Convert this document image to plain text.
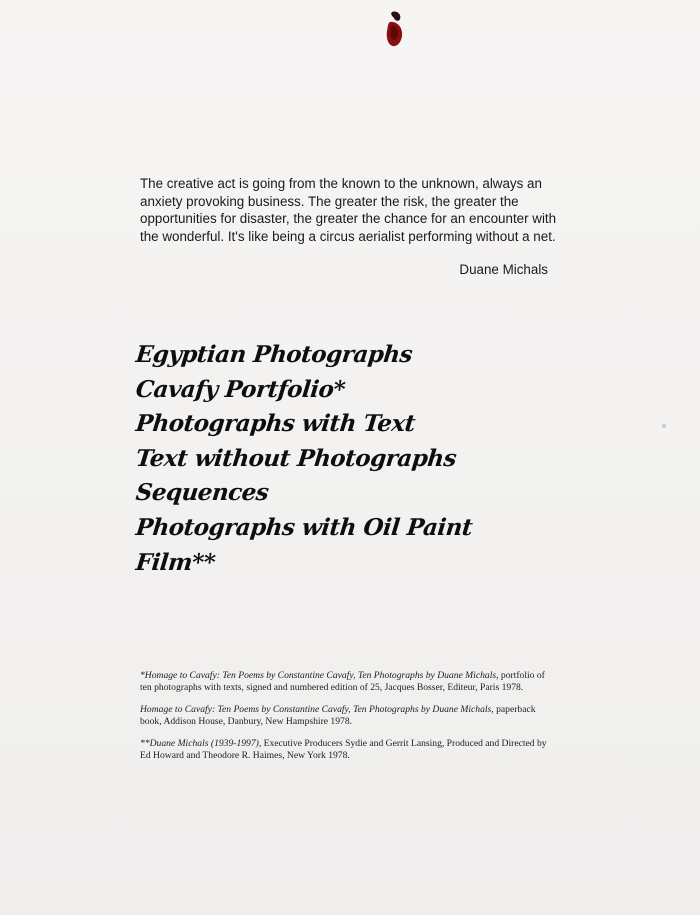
The creative act is going from the known to the unknown, always an anxiety provoking business. The greater the risk, the greater the opportunities for disaster, the greater the chance for an encounter with the wonderful. It's like being a circus aerialist performing without a net.

Duane Michals
Egyptian Photographs
Cavafy Portfolio*
Photographs with Text
Text without Photographs
Sequences
Photographs with Oil Paint
Film**

*Homage to Cavafy: Ten Poems by Constantine Cavafy, Ten Photographs by Duane Michals, portfolio of ten photographs with texts, signed and numbered edition of 25, Jacques Bosser, Editeur, Paris 1978.

Homage to Cavafy: Ten Poems by Constantine Cavafy, Ten Photographs by Duane Michals, paperback book, Addison House, Danbury, New Hampshire 1978.

**Duane Michals (1939-1997), Executive Producers Sydie and Gerrit Lansing, Produced and Directed by Ed Howard and Theodore R. Haimes, New York 1978.
